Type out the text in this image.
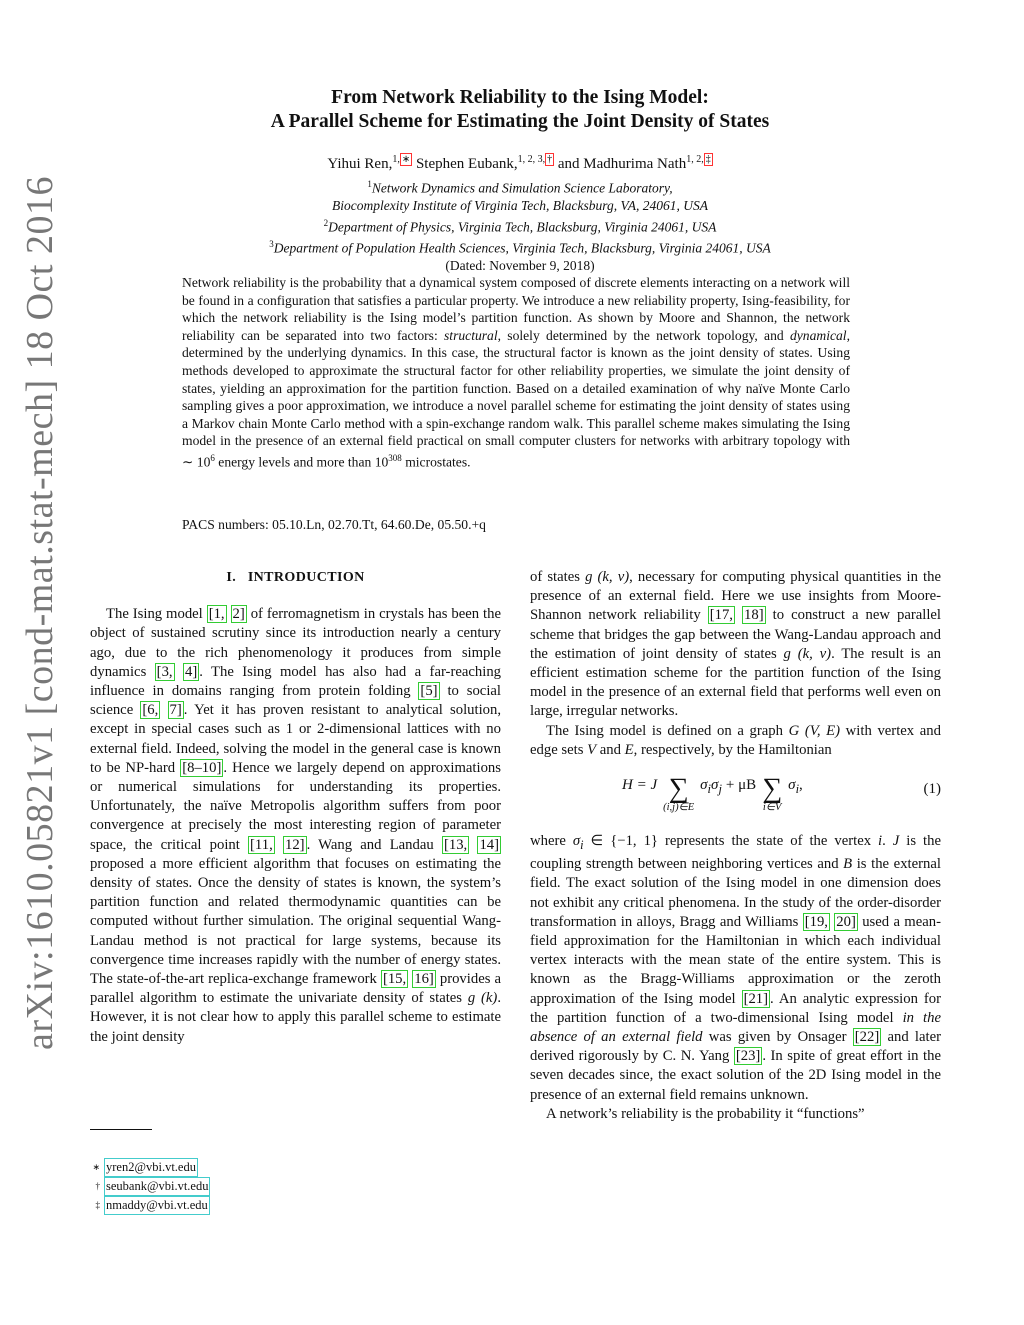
arXiv:1610.05821v1 [cond-mat.stat-mech] 18 Oct 2016
From Network Reliability to the Ising Model:
A Parallel Scheme for Estimating the Joint Density of States
Yihui Ren,$^{1,}$ ∗ Stephen Eubank,$^{1, 2, 3,}$ † and Madhurima Nath$^{1, 2,}$ ‡
$^1$Network Dynamics and Simulation Science Laboratory,
Biocomplexity Institute of Virginia Tech, Blacksburg, VA, 24061, USA
$^2$Department of Physics, Virginia Tech, Blacksburg, Virginia 24061, USA
$^3$Department of Population Health Sciences, Virginia Tech, Blacksburg, Virginia 24061, USA
(Dated: November 9, 2018)
Network reliability is the probability that a dynamical system composed of discrete elements interacting on a network will be found in a configuration that satisfies a particular property. We introduce a new reliability property, Ising-feasibility, for which the network reliability is the Ising model’s partition function. As shown by Moore and Shannon, the network reliability can be separated into two factors: structural, solely determined by the network topology, and dynamical, determined by the underlying dynamics. In this case, the structural factor is known as the joint density of states. Using methods developed to approximate the structural factor for other reliability properties, we simulate the joint density of states, yielding an approximation for the partition function. Based on a detailed examination of why naïve Monte Carlo sampling gives a poor approximation, we introduce a novel parallel scheme for estimating the joint density of states using a Markov chain Monte Carlo method with a spin-exchange random walk. This parallel scheme makes simulating the Ising model in the presence of an external field practical on small computer clusters for networks with arbitrary topology with ∼ $10^6$ energy levels and more than $10^{308}$ microstates.
PACS numbers: 05.10.Ln, 02.70.Tt, 64.60.De, 05.50.+q
I. INTRODUCTION

The Ising model [1, 2] of ferromagnetism in crystals has been the object of sustained scrutiny since its introduction nearly a century ago, due to the rich phenomenology it produces from simple dynamics [3, 4] . The Ising model has also had a far-reaching influence in domains ranging from protein folding [5] to social science [6, 7] . Yet it has proven resistant to analytical solution, except in special cases such as 1 or 2-dimensional lattices with no external field. Indeed, solving the model in the general case is known to be NP-hard [8–10] . Hence we largely depend on approximations or numerical simulations for understanding its properties. Unfortunately, the naïve Metropolis algorithm suffers from poor convergence at precisely the most interesting region of parameter space, the critical point [11, 12] . Wang and Landau [13, 14] proposed a more efficient algorithm that focuses on estimating the density of states. Once the density of states is known, the system’s partition function and related thermodynamic quantities can be computed without further simulation. The original sequential Wang-Landau method is not practical for large systems, because its convergence time increases rapidly with the number of energy states. The state-of-the-art replica-exchange framework [15, 16] provides a parallel algorithm to estimate the univariate density of states g (k). However, it is not clear how to apply this parallel scheme to estimate the joint density

of states g (k, v), necessary for computing physical quantities in the presence of an external field. Here we use insights from Moore-Shannon network reliability [17, 18] to construct a new parallel scheme that bridges the gap between the Wang-Landau approach and the estimation of joint density of states g (k, v). The result is an efficient estimation scheme for the partition function of the Ising model in the presence of an external field that performs well even on large, irregular networks.

The Ising model is defined on a graph G (V, E) with vertex and edge sets V and E, respectively, by the Hamiltonian

H = J ∑
(i,j)∈E
$\sigma_i\sigma_j + \mu B$ ∑
i∈V
$\sigma_i$,	(1)

where $\sigma_i$ ∈ {−1, 1} represents the state of the vertex i. J is the coupling strength between neighboring vertices and B is the external field. The exact solution of the Ising model in one dimension does not exhibit any critical phenomena. In the study of the order-disorder transformation in alloys, Bragg and Williams [19, 20] used a mean-field approximation for the Hamiltonian in which each individual vertex interacts with the mean state of the entire system. This is known as the Bragg-Williams approximation or the zeroth approximation of the Ising model [21] . An analytic expression for the partition function of a two-dimensional Ising model in the absence of an external field was given by Onsager [22] and later derived rigorously by C. N. Yang [23] . In spite of great effort in the seven decades since, the exact solution of the 2D Ising model in the presence of an external field remains unknown.

A network’s reliability is the probability it “functions”

∗ yren2@vbi.vt.edu
† seubank@vbi.vt.edu
‡ nmaddy@vbi.vt.edu
